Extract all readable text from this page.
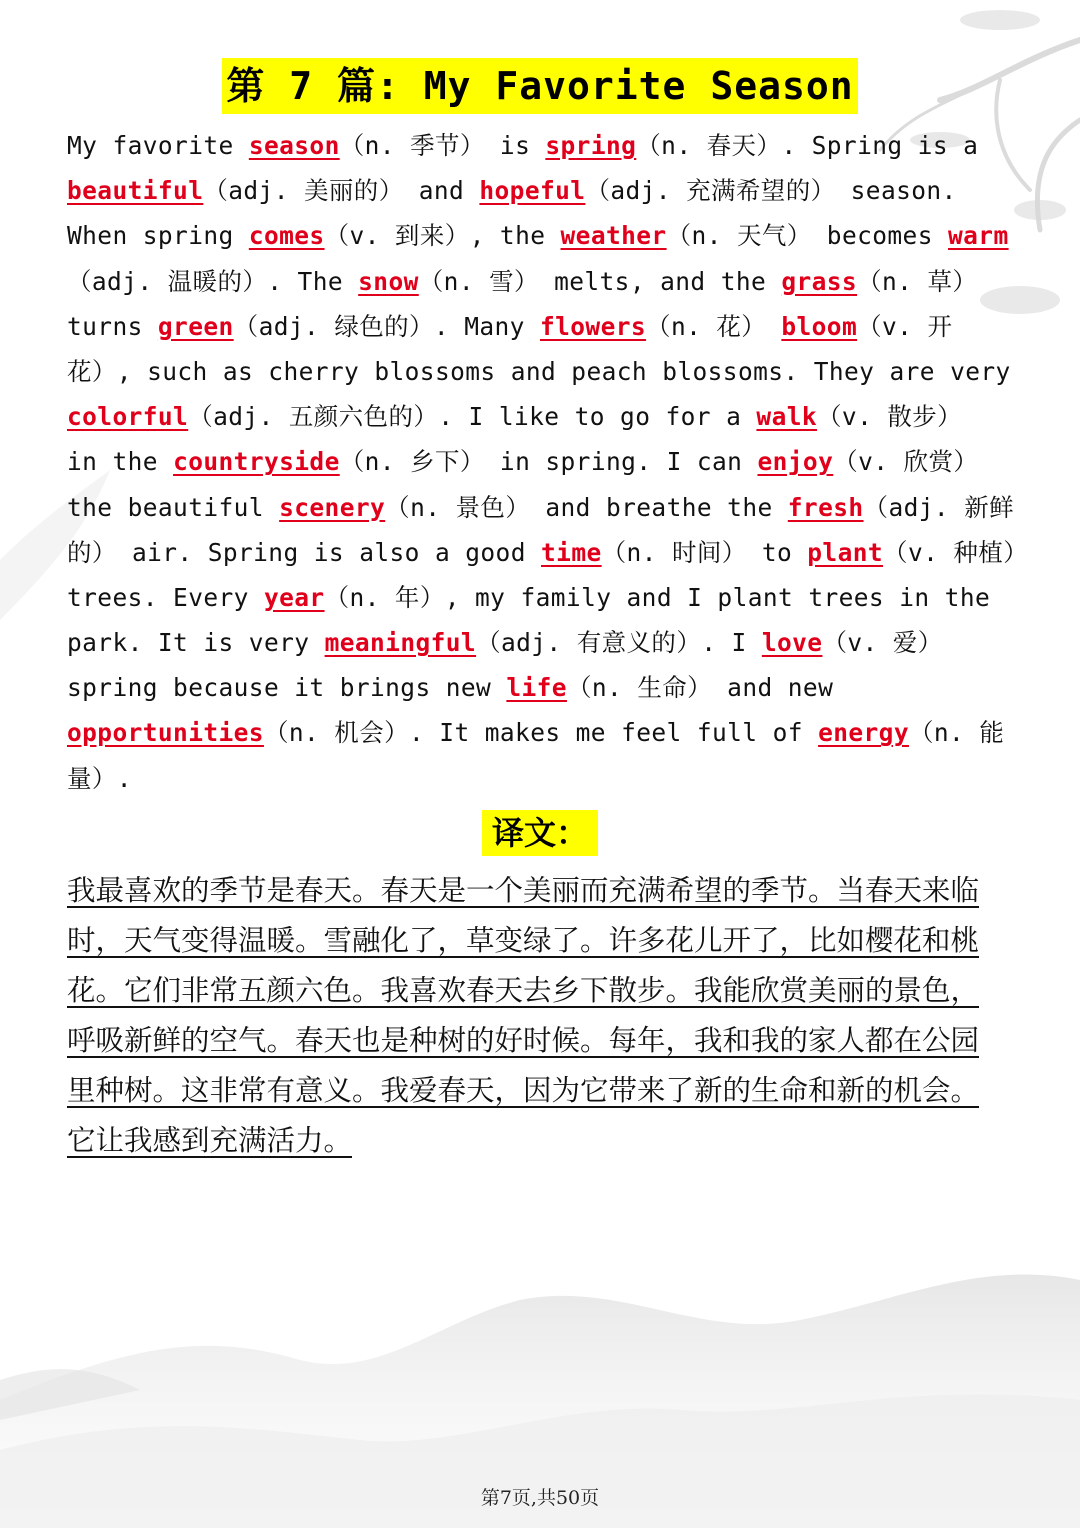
第 7 篇: My Favorite Season
My favorite season（n. 季节） is spring（n. 春天）. Spring is a
beautiful（adj. 美丽的） and hopeful（adj. 充满希望的） season.
When spring comes（v. 到来）, the weather（n. 天气） becomes warm
（adj. 温暖的）. The snow（n. 雪） melts, and the grass（n. 草）
turns green（adj. 绿色的）. Many flowers（n. 花） bloom（v. 开
花）, such as cherry blossoms and peach blossoms. They are very
colorful（adj. 五颜六色的）. I like to go for a walk（v. 散步）
in the countryside（n. 乡下） in spring. I can enjoy（v. 欣赏）
the beautiful scenery（n. 景色） and breathe the fresh（adj. 新鲜
的） air. Spring is also a good time（n. 时间） to plant（v. 种植）
trees. Every year（n. 年）, my family and I plant trees in the
park. It is very meaningful（adj. 有意义的）. I love（v. 爱）
spring because it brings new life（n. 生命） and new
opportunities（n. 机会）. It makes me feel full of energy（n. 能
量）.
译文：
我最喜欢的季节是春天。春天是一个美丽而充满希望的季节。当春天来临
时，天气变得温暖。雪融化了，草变绿了。许多花儿开了，比如樱花和桃
花。它们非常五颜六色。我喜欢春天去乡下散步。我能欣赏美丽的景色，
呼吸新鲜的空气。春天也是种树的好时候。每年，我和我的家人都在公园
里种树。这非常有意义。我爱春天，因为它带来了新的生命和新的机会。
它让我感到充满活力。
第7页,共50页
